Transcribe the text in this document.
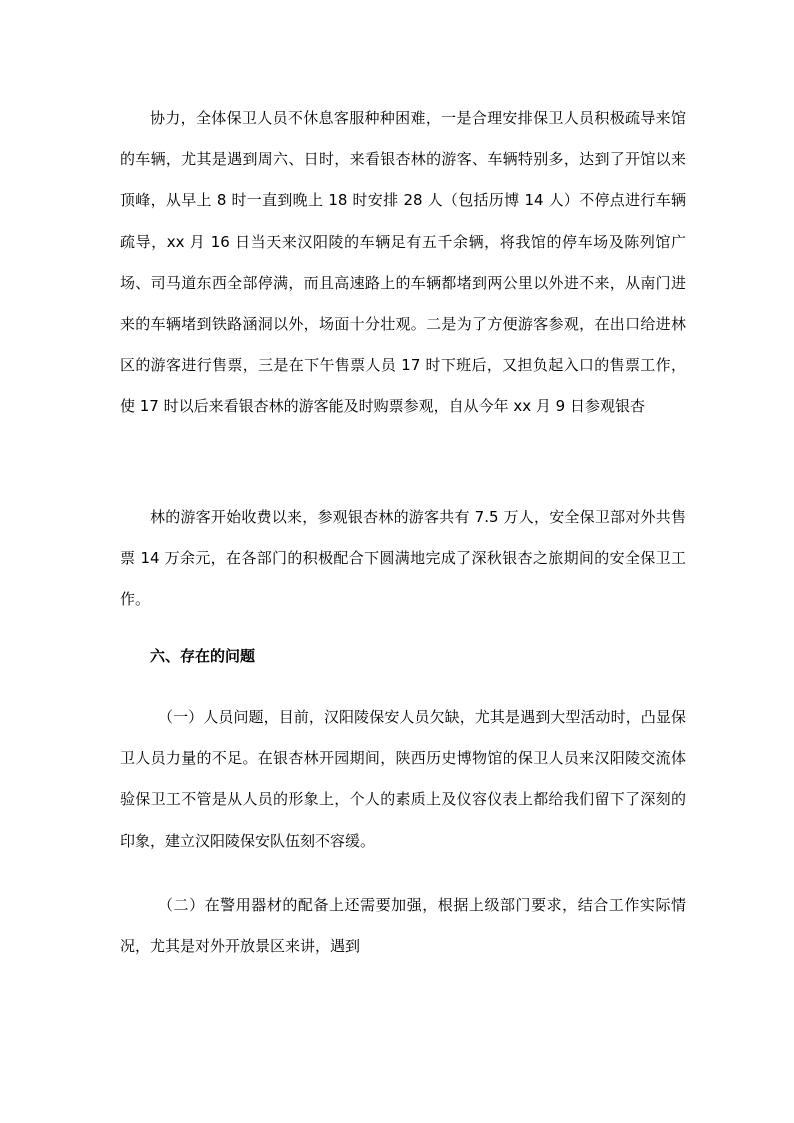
协力，全体保卫人员不休息客服种种困难，一是合理安排保卫人员积极疏导来馆的车辆，尤其是遇到周六、日时，来看银杏林的游客、车辆特别多，达到了开馆以来顶峰，从早上 8 时一直到晚上 18 时安排 28 人（包括历博 14 人）不停点进行车辆疏导，xx 月 16 日当天来汉阳陵的车辆足有五千余辆，将我馆的停车场及陈列馆广场、司马道东西全部停满，而且高速路上的车辆都堵到两公里以外进不来，从南门进来的车辆堵到铁路涵洞以外，场面十分壮观。二是为了方便游客参观，在出口给进林区的游客进行售票，三是在下午售票人员 17 时下班后，又担负起入口的售票工作，使 17 时以后来看银杏林的游客能及时购票参观，自从今年 xx 月 9 日参观银杏

林的游客开始收费以来，参观银杏林的游客共有 7.5 万人，安全保卫部对外共售票 14 万余元，在各部门的积极配合下圆满地完成了深秋银杏之旅期间的安全保卫工作。

六、存在的问题

（一）人员问题，目前，汉阳陵保安人员欠缺，尤其是遇到大型活动时，凸显保卫人员力量的不足。在银杏林开园期间，陕西历史博物馆的保卫人员来汉阳陵交流体验保卫工不管是从人员的形象上，个人的素质上及仪容仪表上都给我们留下了深刻的印象，建立汉阳陵保安队伍刻不容缓。

（二）在警用器材的配备上还需要加强，根据上级部门要求，结合工作实际情况，尤其是对外开放景区来讲，遇到
